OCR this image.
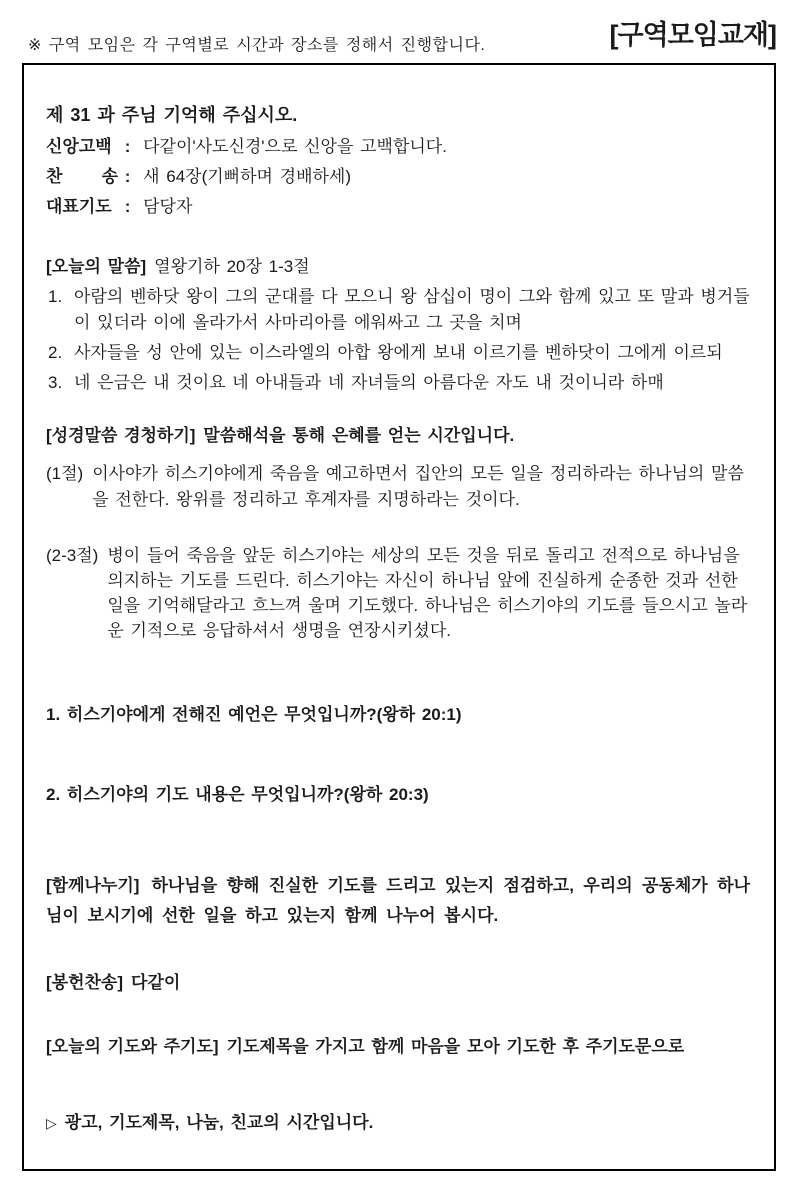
※ 구역 모임은 각 구역별로 시간과 장소를 정해서 진행합니다.	[구역모임교재]
제 31 과 주님 기억해 주십시오.
신앙고백 : 다같이'사도신경'으로 신앙을 고백합니다.
찬 송 : 새 64장(기뻐하며 경배하세)
대표기도 : 담당자
[오늘의 말씀] 열왕기하 20장 1-3절
1. 아람의 벤하닷 왕이 그의 군대를 다 모으니 왕 삼십이 명이 그와 함께 있고 또 말과 병거들이 있더라 이에 올라가서 사마리아를 에워싸고 그 곳을 치며
2. 사자들을 성 안에 있는 이스라엘의 아합 왕에게 보내 이르기를 벤하닷이 그에게 이르되
3. 네 은금은 내 것이요 네 아내들과 네 자녀들의 아름다운 자도 내 것이니라 하매
[성경말씀 경청하기] 말씀해석을 통해 은혜를 얻는 시간입니다.
(1절) 이사야가 히스기야에게 죽음을 예고하면서 집안의 모든 일을 정리하라는 하나님의 말씀을 전한다. 왕위를 정리하고 후계자를 지명하라는 것이다.
(2-3절) 병이 들어 죽음을 앞둔 히스기야는 세상의 모든 것을 뒤로 돌리고 전적으로 하나님을 의지하는 기도를 드린다. 히스기야는 자신이 하나님 앞에 진실하게 순종한 것과 선한 일을 기억해달라고 흐느껴 울며 기도했다. 하나님은 히스기야의 기도를 들으시고 놀라운 기적으로 응답하셔서 생명을 연장시키셨다.
1. 히스기야에게 전해진 예언은 무엇입니까?(왕하 20:1)
2. 히스기야의 기도 내용은 무엇입니까?(왕하 20:3)
[함께나누기] 하나님을 향해 진실한 기도를 드리고 있는지 점검하고, 우리의 공동체가 하나님이 보시기에 선한 일을 하고 있는지 함께 나누어 봅시다.
[봉헌찬송] 다같이
[오늘의 기도와 주기도] 기도제목을 가지고 함께 마음을 모아 기도한 후 주기도문으로
▷ 광고, 기도제목, 나눔, 친교의 시간입니다.
